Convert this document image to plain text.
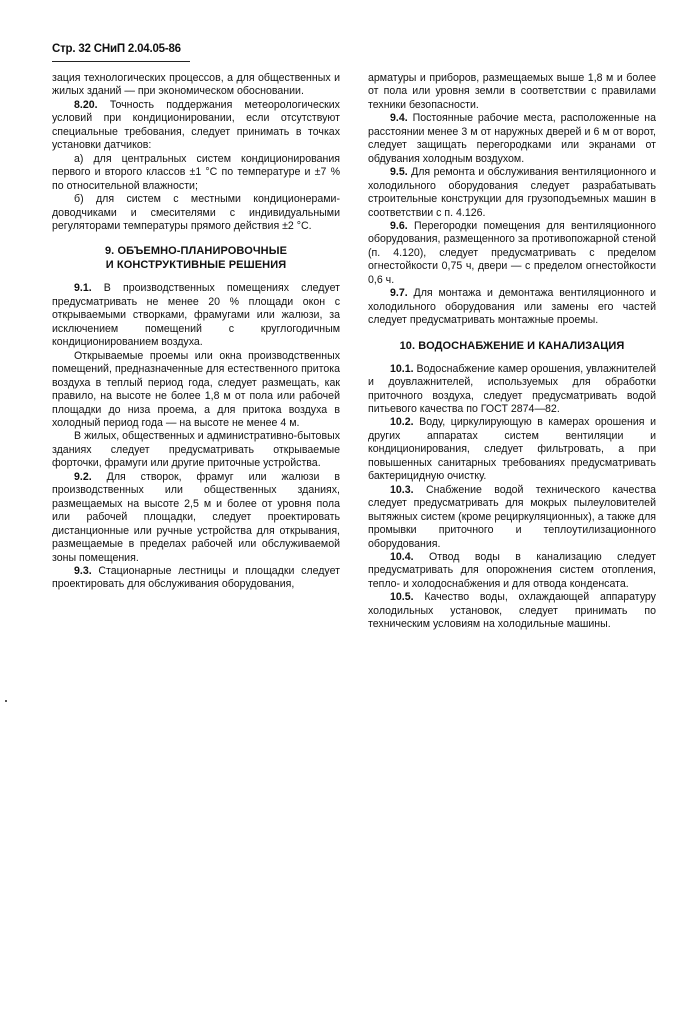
Стр. 32 СНиП 2.04.05-86

зация технологических процессов, а для общественных и жилых зданий — при экономическом обосновании.

8.20. Точность поддержания метеорологических условий при кондиционировании, если отсутствуют специальные требования, следует принимать в точках установки датчиков:

а) для центральных систем кондиционирования первого и второго классов ±1 °С по температуре и ±7 % по относительной влажности;

б) для систем с местными кондиционерами-доводчиками и смесителями с индивидуальными регуляторами температуры прямого действия ±2 °С.

9. ОБЪЕМНО-ПЛАНИРОВОЧНЫЕ
И КОНСТРУКТИВНЫЕ РЕШЕНИЯ

9.1. В производственных помещениях следует предусматривать не менее 20 % площади окон с открываемыми створками, фрамугами или жалюзи, за исключением помещений с круглогодичным кондиционированием воздуха.

Открываемые проемы или окна производственных помещений, предназначенные для естественного притока воздуха в теплый период года, следует размещать, как правило, на высоте не более 1,8 м от пола или рабочей площадки до низа проема, а для притока воздуха в холодный период года — на высоте не менее 4 м.

В жилых, общественных и административно-бытовых зданиях следует предусматривать открываемые форточки, фрамуги или другие приточные устройства.

9.2. Для створок, фрамуг или жалюзи в производственных или общественных зданиях, размещаемых на высоте 2,5 м и более от уровня пола или рабочей площадки, следует проектировать дистанционные или ручные устройства для открывания, размещаемые в пределах рабочей или обслуживаемой зоны помещения.

9.3. Стационарные лестницы и площадки следует проектировать для обслуживания оборудования,

арматуры и приборов, размещаемых выше 1,8 м и более от пола или уровня земли в соответствии с правилами техники безопасности.

9.4. Постоянные рабочие места, расположенные на расстоянии менее 3 м от наружных дверей и 6 м от ворот, следует защищать перегородками или экранами от обдувания холодным воздухом.

9.5. Для ремонта и обслуживания вентиляционного и холодильного оборудования следует разрабатывать строительные конструкции для грузоподъемных машин в соответствии с п. 4.126.

9.6. Перегородки помещения для вентиляционного оборудования, размещенного за противопожарной стеной (п. 4.120), следует предусматривать с пределом огнестойкости 0,75 ч, двери — с пределом огнестойкости 0,6 ч.

9.7. Для монтажа и демонтажа вентиляционного и холодильного оборудования или замены его частей следует предусматривать монтажные проемы.

10. ВОДОСНАБЖЕНИЕ И КАНАЛИЗАЦИЯ

10.1. Водоснабжение камер орошения, увлажнителей и доувлажнителей, используемых для обработки приточного воздуха, следует предусматривать водой питьевого качества по ГОСТ 2874—82.

10.2. Воду, циркулирующую в камерах орошения и других аппаратах систем вентиляции и кондиционирования, следует фильтровать, а при повышенных санитарных требованиях предусматривать бактерицидную очистку.

10.3. Снабжение водой технического качества следует предусматривать для мокрых пылеуловителей вытяжных систем (кроме рециркуляционных), а также для промывки приточного и теплоутилизационного оборудования.

10.4. Отвод воды в канализацию следует предусматривать для опорожнения систем отопления, тепло- и холодоснабжения и для отвода конденсата.

10.5. Качество воды, охлаждающей аппаратуру холодильных установок, следует принимать по техническим условиям на холодильные машины.
